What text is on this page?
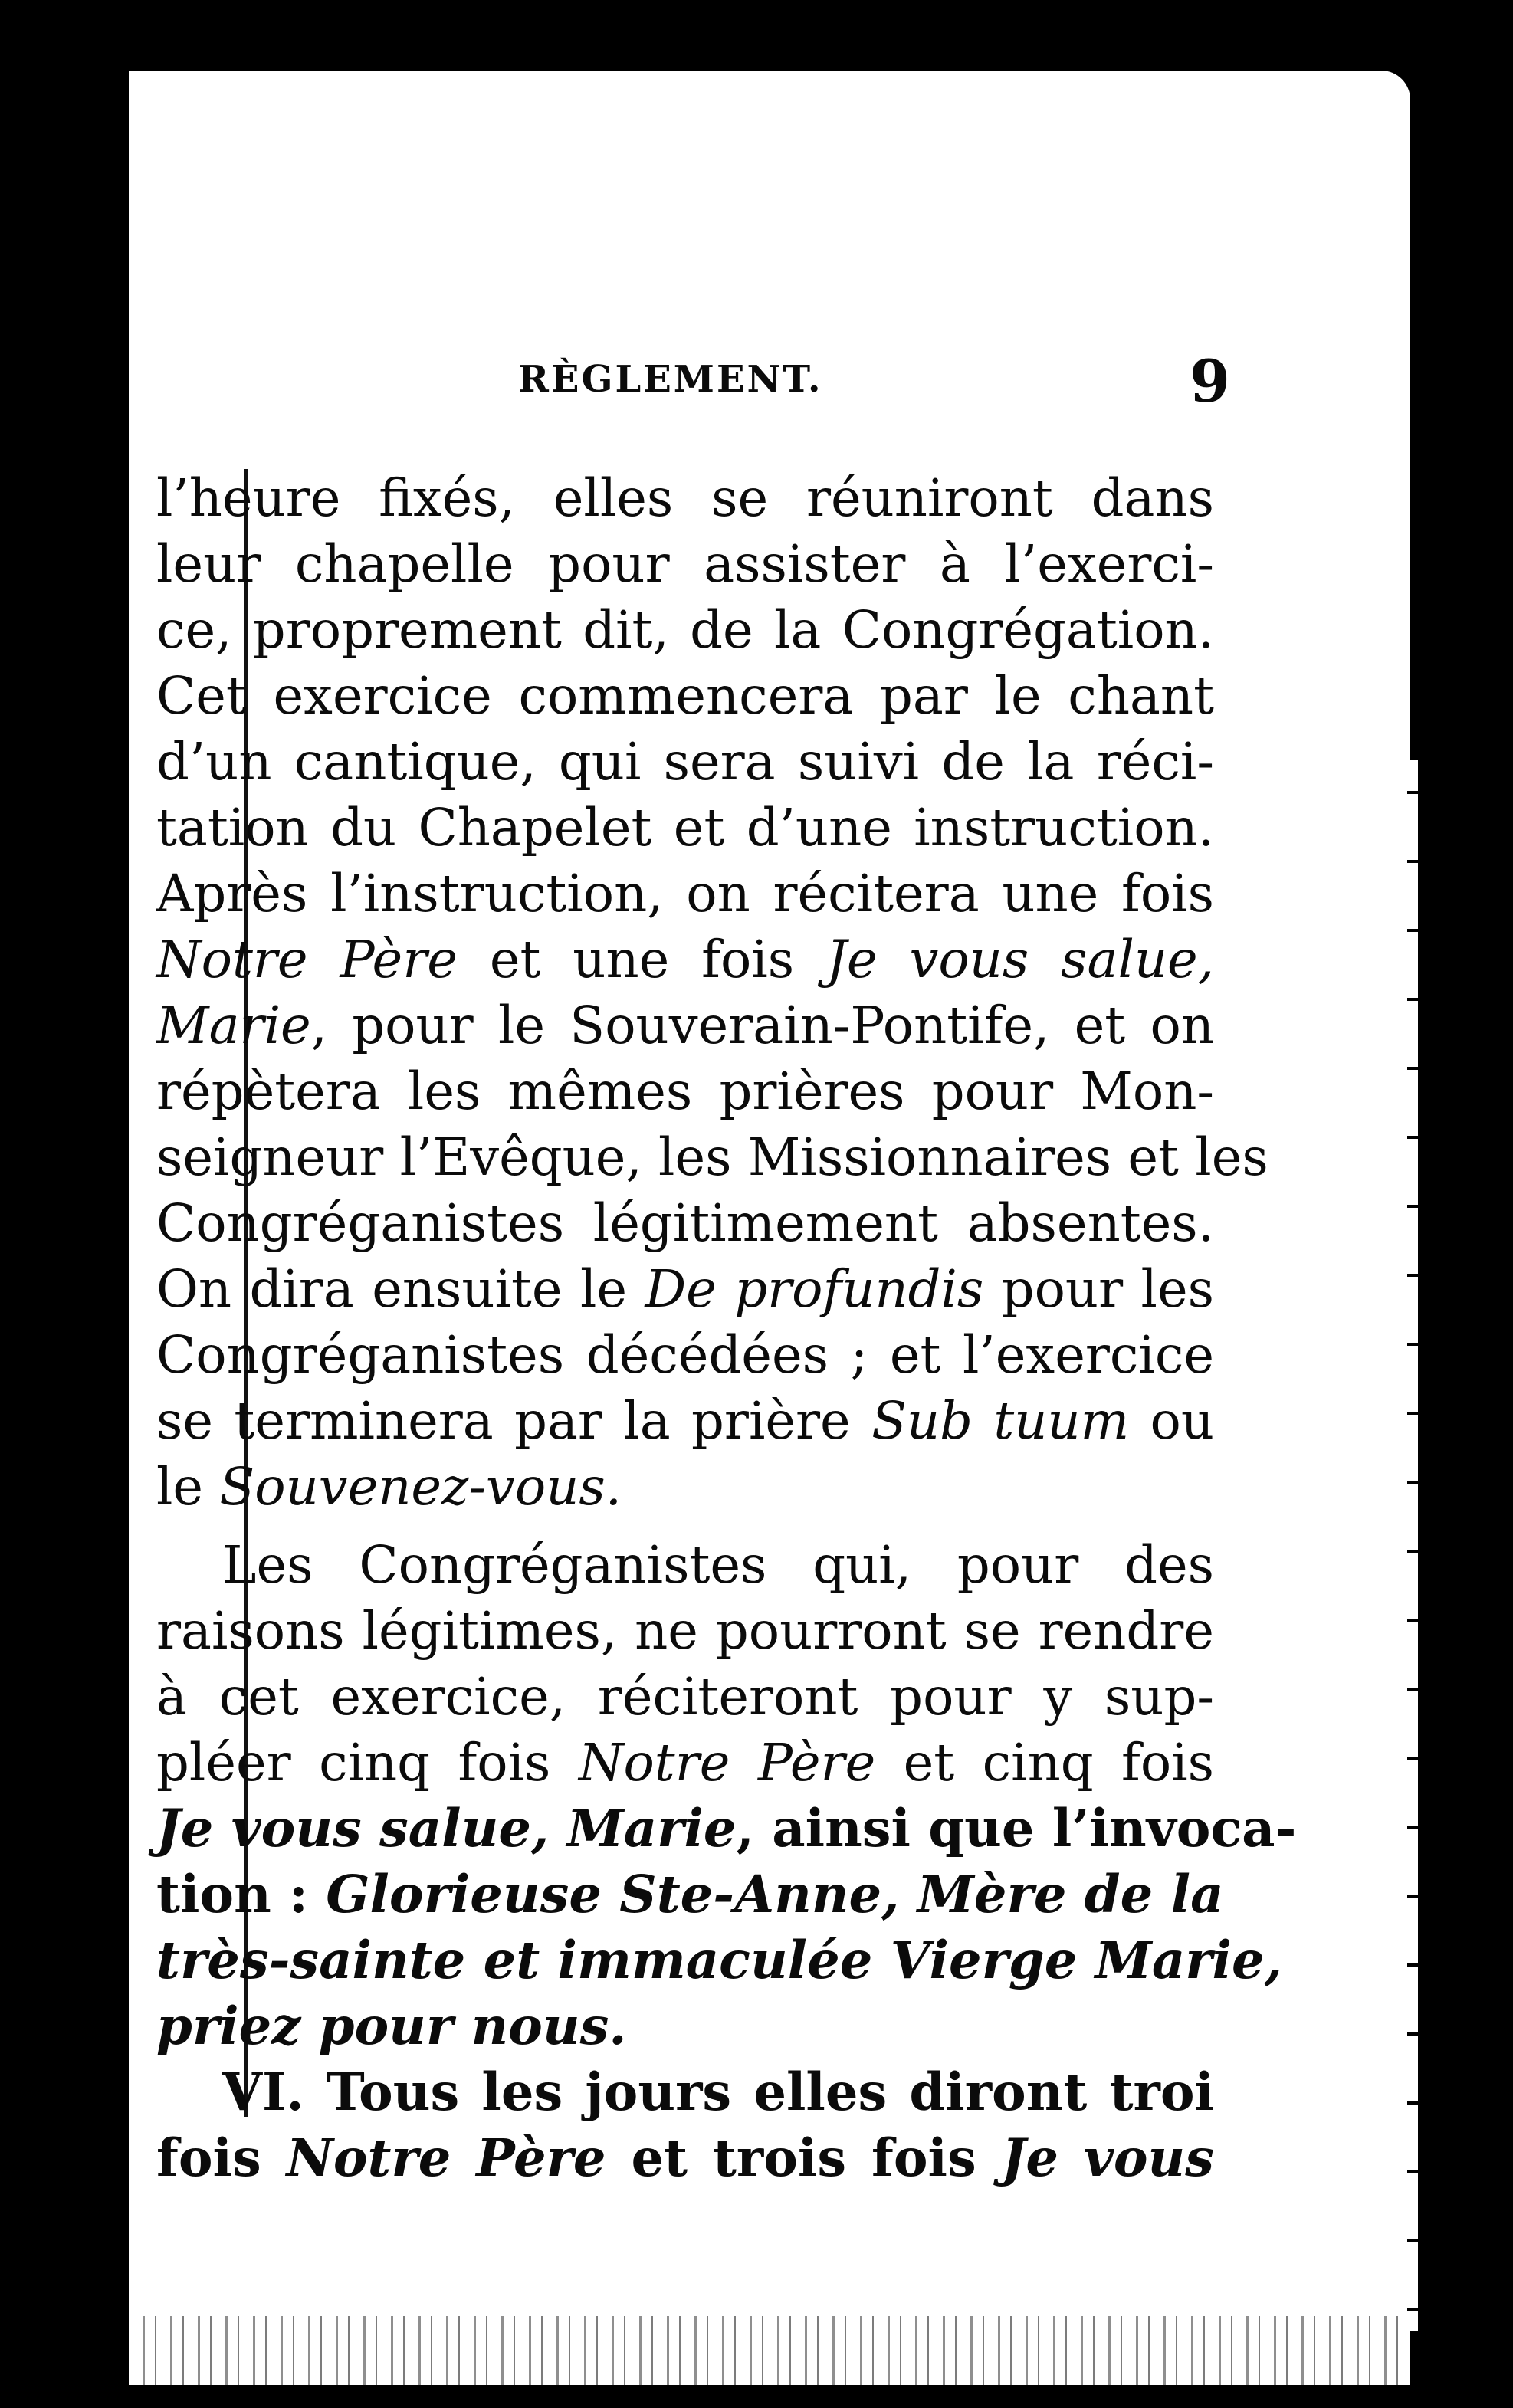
RÈGLEMENT.	9
l’heure fixés, elles se réuniront dans
leur chapelle pour assister à l’exerci-
ce, proprement dit, de la Congrégation.
Cet exercice commencera par le chant
d’un cantique, qui sera suivi de la réci-
tation du Chapelet et d’une instruction.
Après l’instruction, on récitera une fois
Notre Père et une fois Je vous salue,
Marie, pour le Souverain-Pontife, et on
répètera les mêmes prières pour Mon-
seigneur l’Evêque, les Missionnaires et les
Congréganistes légitimement absentes.
On dira ensuite le De profundis pour les
Congréganistes décédées ; et l’exercice
se terminera par la prière Sub tuum ou
le Souvenez-vous.
Les Congréganistes qui, pour des
raisons légitimes, ne pourront se rendre
à cet exercice, réciteront pour y sup-
pléer cinq fois Notre Père et cinq fois
Je vous salue, Marie, ainsi que l’invoca-
tion : Glorieuse Ste-Anne, Mère de la
très-sainte et immaculée Vierge Marie,
priez pour nous.
VI. Tous les jours elles diront troi
fois Notre Père et trois fois Je vous
